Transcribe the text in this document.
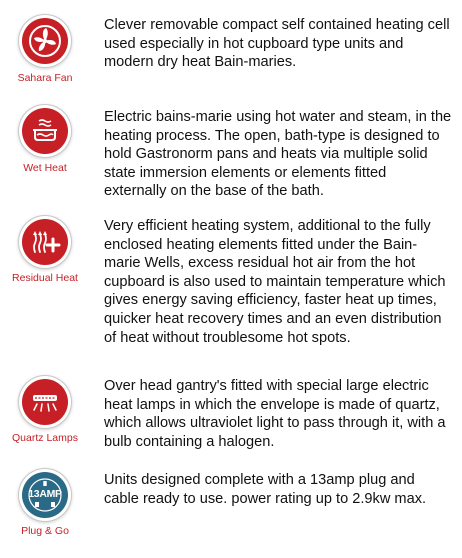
Sahara Fan

Clever removable compact self contained heating cell used especially in hot cupboard type units and modern dry heat Bain-maries.

Wet Heat

Electric bains-marie using hot water and steam, in the heating process. The open, bath-type is designed to hold Gastronorm pans and heats via multiple solid state immersion elements or elements fitted externally on the base of the bath.

Residual Heat

Very efficient heating system, additional to the fully enclosed heating elements fitted under the Bain-marie Wells, excess residual hot air from the hot cupboard is also used to maintain temperature which gives energy saving efficiency, faster heat up times, quicker heat recovery times and an even distribution of heat without troublesome hot spots.

Quartz Lamps

Over head gantry's fitted with special large electric heat lamps in which the envelope is made of quartz, which allows ultraviolet light to pass through it, with a bulb containing a halogen.

13AMP
Plug & Go

Units designed complete with a 13amp plug and cable ready to use. power rating up to 2.9kw max.
